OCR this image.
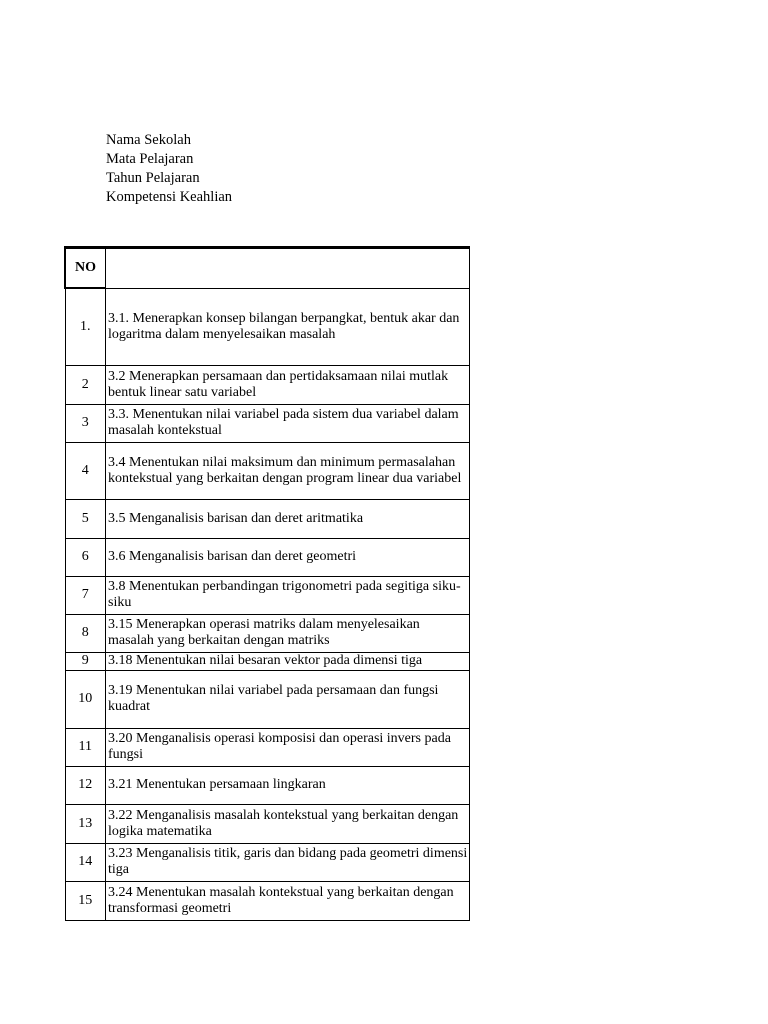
Nama Sekolah
Mata Pelajaran
Tahun Pelajaran
Kompetensi Keahlian
NO	
1.	3.1. Menerapkan konsep bilangan berpangkat, bentuk akar dan logaritma dalam menyelesaikan masalah
2	3.2 Menerapkan persamaan dan pertidaksamaan nilai mutlak bentuk linear satu variabel
3	3.3. Menentukan nilai variabel pada sistem dua variabel dalam masalah kontekstual
4	3.4 Menentukan nilai maksimum dan minimum permasalahan kontekstual yang berkaitan dengan program linear dua variabel
5	3.5 Menganalisis barisan dan deret aritmatika
6	3.6 Menganalisis barisan dan deret geometri
7	3.8 Menentukan perbandingan trigonometri pada segitiga siku-siku
8	3.15 Menerapkan operasi matriks dalam menyelesaikan masalah yang berkaitan dengan matriks
9	3.18 Menentukan nilai besaran vektor pada dimensi tiga
10	3.19 Menentukan nilai variabel pada persamaan dan fungsi kuadrat
11	3.20 Menganalisis operasi komposisi dan operasi invers pada fungsi
12	3.21 Menentukan persamaan lingkaran
13	3.22 Menganalisis masalah kontekstual yang berkaitan dengan logika matematika
14	3.23 Menganalisis titik, garis dan bidang pada geometri dimensi tiga
15	3.24 Menentukan masalah kontekstual yang berkaitan dengan transformasi geometri
